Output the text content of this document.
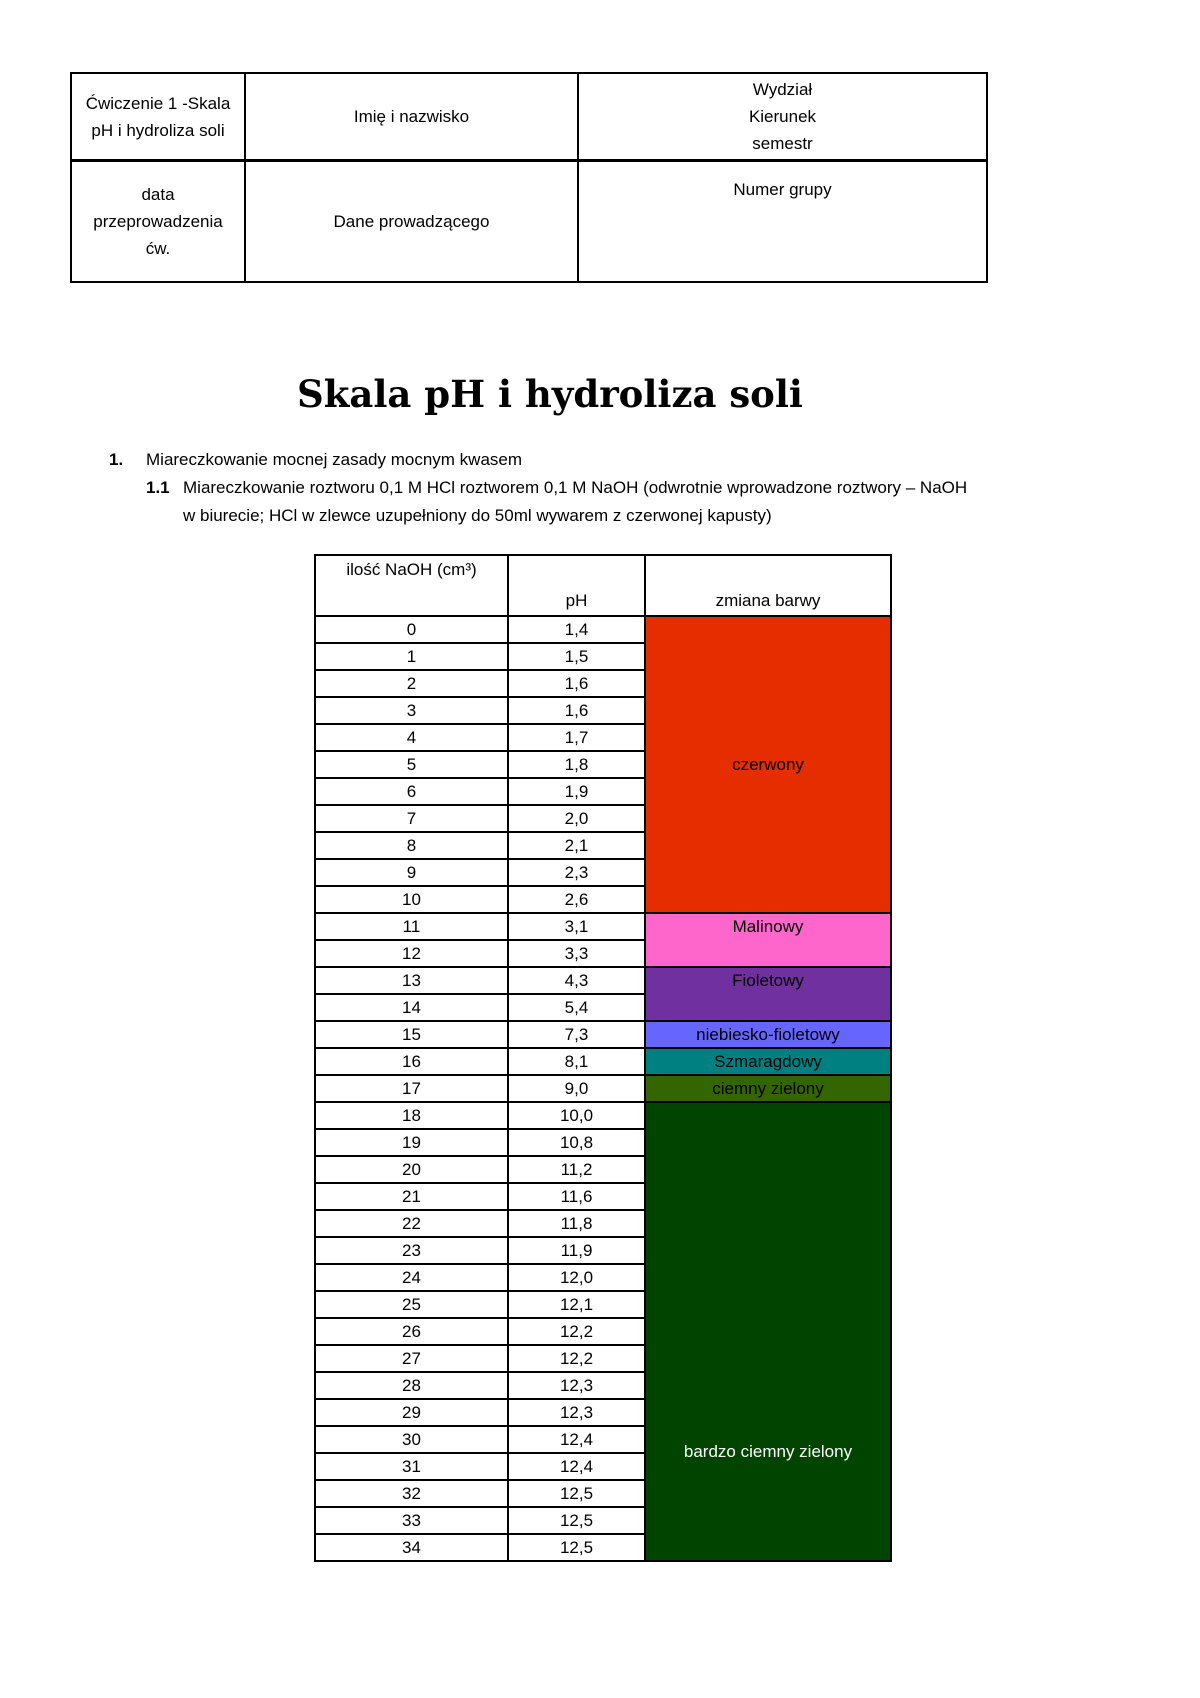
Ćwiczenie 1 -Skala
pH i hydroliza soli	Imię i nazwisko	Wydział
Kierunek
semestr
data
przeprowadzenia
ćw.	Dane prowadzącego	Numer grupy
Skala pH i hydroliza soli
1. Miareczkowanie mocnej zasady mocnym kwasem
1.1 Miareczkowanie roztworu 0,1 M HCl roztworem 0,1 M NaOH (odwrotnie wprowadzone roztwory – NaOH
w biurecie; HCl w zlewce uzupełniony do 50ml wywarem z czerwonej kapusty)
ilość NaOH (cm³)	pH	zmiana barwy
0	1,4	czerwony
1	1,5	
2	1,6	
3	1,6	
4	1,7	
5	1,8	
6	1,9	
7	2,0	
8	2,1	
9	2,3	
10	2,6	
11	3,1	Malinowy
12	3,3	
13	4,3	Fioletowy
14	5,4	
15	7,3	niebiesko-fioletowy
16	8,1	Szmaragdowy
17	9,0	ciemny zielony
18	10,0	bardzo ciemny zielony
19	10,8	
20	11,2	
21	11,6	
22	11,8	
23	11,9	
24	12,0	
25	12,1	
26	12,2	
27	12,2	
28	12,3	
29	12,3	
30	12,4	
31	12,4	
32	12,5	
33	12,5	
34	12,5	
